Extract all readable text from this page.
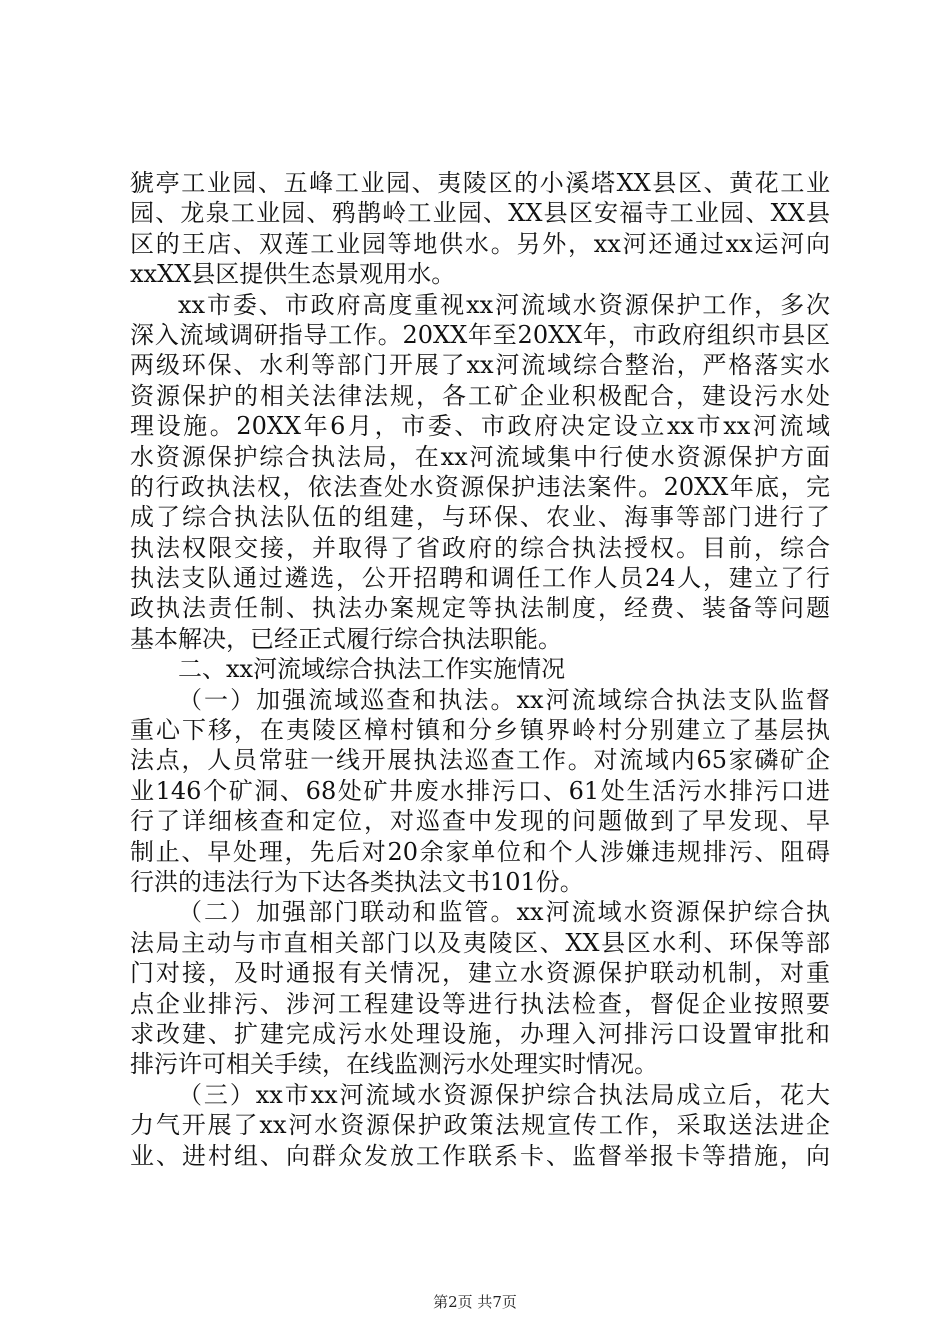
猇亭工业园、五峰工业园、夷陵区的小溪塔XX县区、黄花工业
园、龙泉工业园、鸦鹊岭工业园、XX县区安福寺工业园、XX县
区的王店、双莲工业园等地供水。另外，xx河还通过xx运河向
xxXX县区提供生态景观用水。
xx市委、市政府高度重视xx河流域水资源保护工作，多次
深入流域调研指导工作。20XX年至20XX年，市政府组织市县区
两级环保、水利等部门开展了xx河流域综合整治，严格落实水
资源保护的相关法律法规，各工矿企业积极配合，建设污水处
理设施。20XX年6月，市委、市政府决定设立xx市xx河流域
水资源保护综合执法局，在xx河流域集中行使水资源保护方面
的行政执法权，依法查处水资源保护违法案件。20XX年底，完
成了综合执法队伍的组建，与环保、农业、海事等部门进行了
执法权限交接，并取得了省政府的综合执法授权。目前，综合
执法支队通过遴选，公开招聘和调任工作人员24人，建立了行
政执法责任制、执法办案规定等执法制度，经费、装备等问题
基本解决，已经正式履行综合执法职能。
二、xx河流域综合执法工作实施情况
（一）加强流域巡查和执法。xx河流域综合执法支队监督
重心下移，在夷陵区樟村镇和分乡镇界岭村分别建立了基层执
法点，人员常驻一线开展执法巡查工作。对流域内65家磷矿企
业146个矿洞、68处矿井废水排污口、61处生活污水排污口进
行了详细核查和定位，对巡查中发现的问题做到了早发现、早
制止、早处理，先后对20余家单位和个人涉嫌违规排污、阻碍
行洪的违法行为下达各类执法文书101份。
（二）加强部门联动和监管。xx河流域水资源保护综合执
法局主动与市直相关部门以及夷陵区、XX县区水利、环保等部
门对接，及时通报有关情况，建立水资源保护联动机制，对重
点企业排污、涉河工程建设等进行执法检查，督促企业按照要
求改建、扩建完成污水处理设施，办理入河排污口设置审批和
排污许可相关手续，在线监测污水处理实时情况。
（三）xx市xx河流域水资源保护综合执法局成立后，花大
力气开展了xx河水资源保护政策法规宣传工作，采取送法进企
业、进村组、向群众发放工作联系卡、监督举报卡等措施，向
第2页 共7页
